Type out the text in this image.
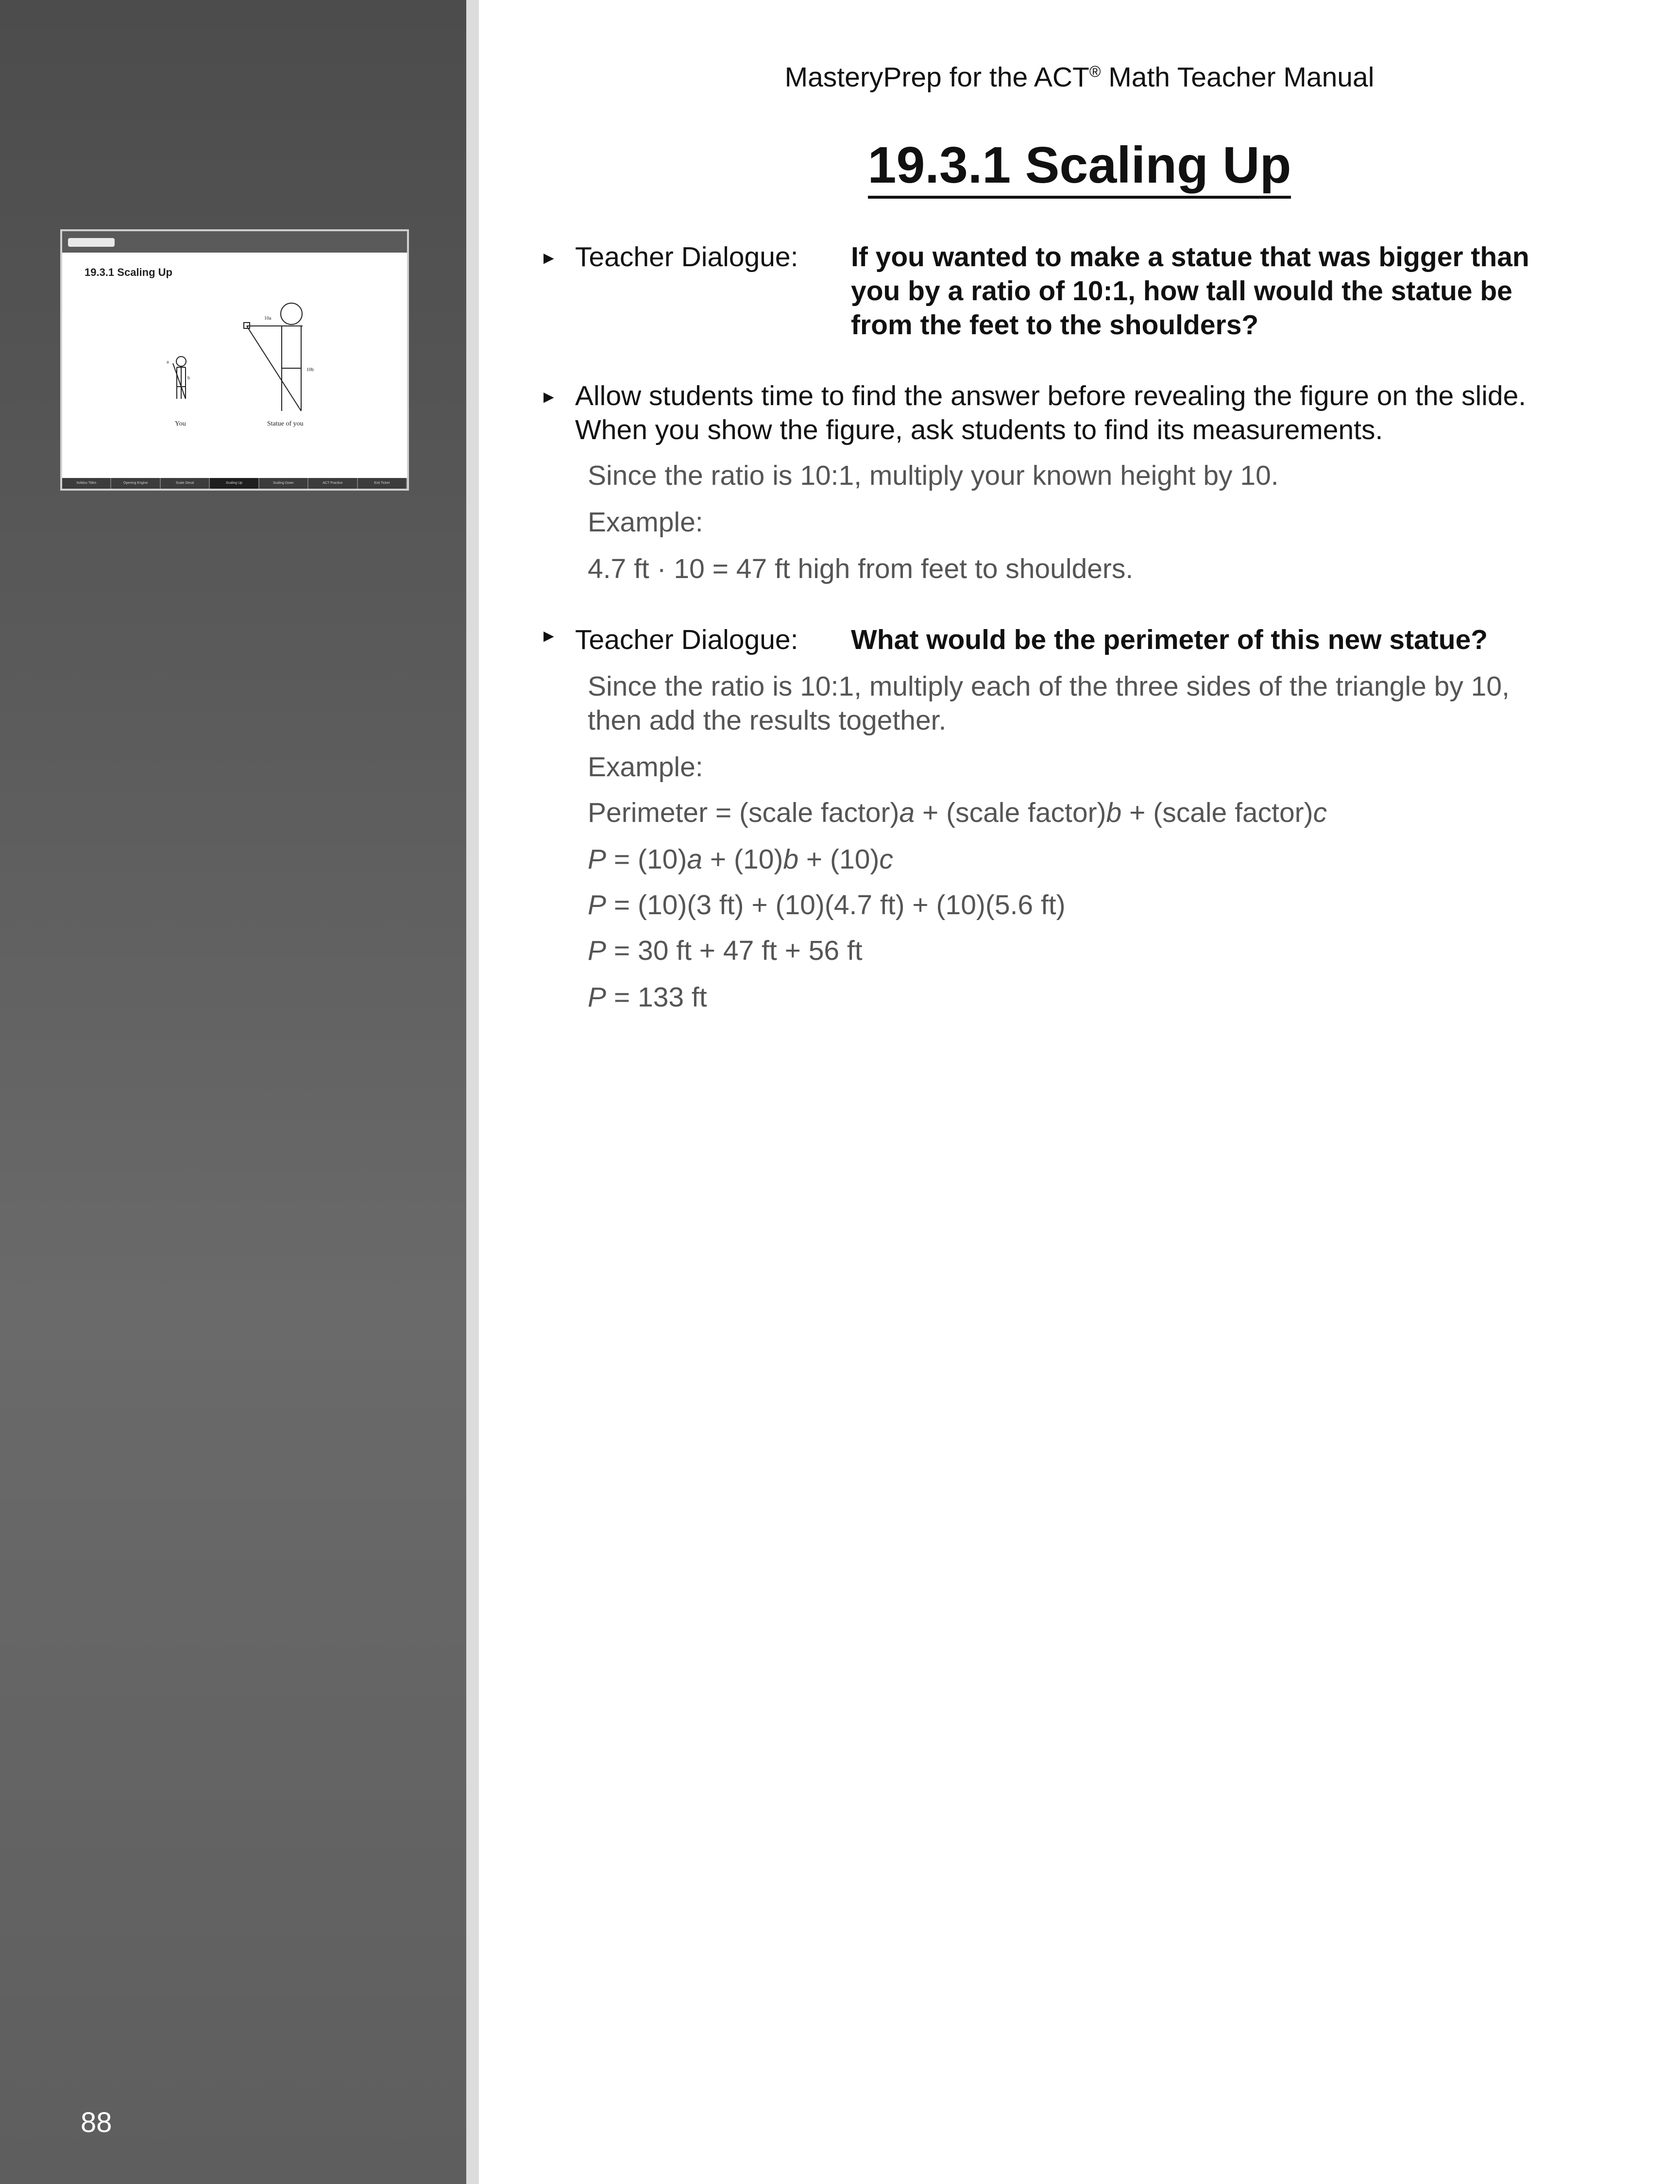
88
19.3.1 Scaling Up
10a
10b
a
b
You	Statue of you
Solidus Titles	Opening Engine	Scale Decal	Scaling Up	Scaling Down	ACT Practice	Exit Ticket
MasteryPrep for the ACT® Math Teacher Manual
19.3.1 Scaling Up
► Teacher Dialogue: If you wanted to make a statue that was bigger than
you by a ratio of 10:1, how tall would the statue be
from the feet to the shoulders?
► Allow students time to find the answer before revealing the figure on the slide.
When you show the figure, ask students to find its measurements.
Since the ratio is 10:1, multiply your known height by 10.
Example:
4.7 ft · 10 = 47 ft high from feet to shoulders.
► Teacher Dialogue: What would be the perimeter of this new statue?
Since the ratio is 10:1, multiply each of the three sides of the triangle by 10,
then add the results together.
Example:
Perimeter = (scale factor)a + (scale factor)b + (scale factor)c
P = (10)a + (10)b + (10)c
P = (10)(3 ft) + (10)(4.7 ft) + (10)(5.6 ft)
P = 30 ft + 47 ft + 56 ft
P = 133 ft
